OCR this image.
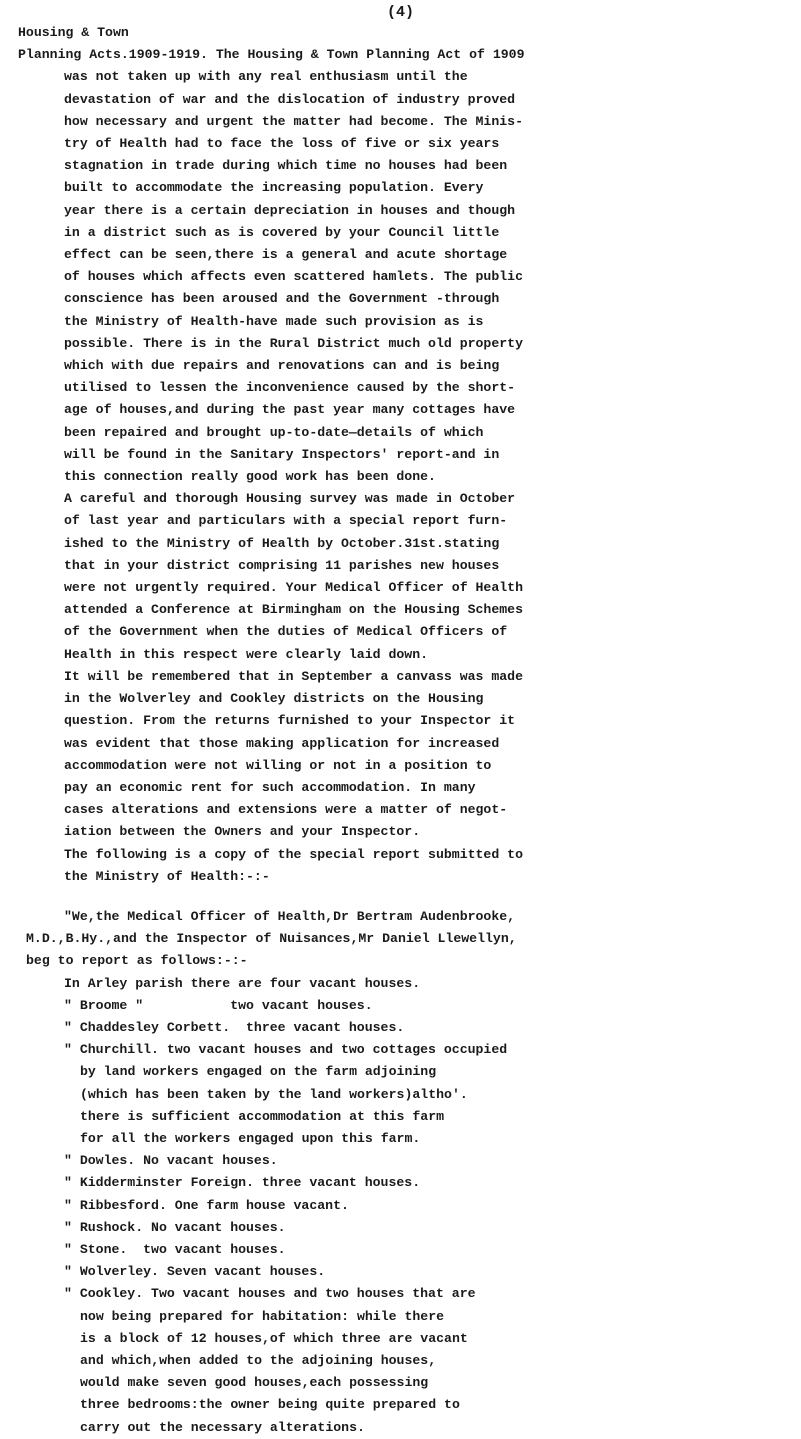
(4)
Housing & Town
Planning Acts.1909-1919. The Housing & Town Planning Act of 1909
was not taken up with any real enthusiasm until the
devastation of war and the dislocation of industry proved
how necessary and urgent the matter had become. The Minis-
try of Health had to face the loss of five or six years
stagnation in trade during which time no houses had been
built to accommodate the increasing population. Every
year there is a certain depreciation in houses and though
in a district such as is covered by your Council little
effect can be seen,there is a general and acute shortage
of houses which affects even scattered hamlets. The public
conscience has been aroused and the Government -through
the Ministry of Health-have made such provision as is
possible. There is in the Rural District much old property
which with due repairs and renovations can and is being
utilised to lessen the inconvenience caused by the short-
age of houses,and during the past year many cottages have
been repaired and brought up-to-date—details of which
will be found in the Sanitary Inspectors' report-and in
this connection really good work has been done.
A careful and thorough Housing survey was made in October
of last year and particulars with a special report furn-
ished to the Ministry of Health by October.31st.stating
that in your district comprising 11 parishes new houses
were not urgently required. Your Medical Officer of Health
attended a Conference at Birmingham on the Housing Schemes
of the Government when the duties of Medical Officers of
Health in this respect were clearly laid down.
It will be remembered that in September a canvass was made
in the Wolverley and Cookley districts on the Housing
question. From the returns furnished to your Inspector it
was evident that those making application for increased
accommodation were not willing or not in a position to
pay an economic rent for such accommodation. In many
cases alterations and extensions were a matter of negot-
iation between the Owners and your Inspector.
The following is a copy of the special report submitted to
the Ministry of Health:-:-
"We,the Medical Officer of Health,Dr Bertram Audenbrooke,
M.D.,B.Hy.,and the Inspector of Nuisances,Mr Daniel Llewellyn,
beg to report as follows:-:-
In Arley parish there are four vacant houses.
" Broome "           two vacant houses.
" Chaddesley Corbett.  three vacant houses.
" Churchill. two vacant houses and two cottages occupied
by land workers engaged on the farm adjoining
(which has been taken by the land workers)altho'.
there is sufficient accommodation at this farm
for all the workers engaged upon this farm.
" Dowles. No vacant houses.
" Kidderminster Foreign. three vacant houses.
" Ribbesford. One farm house vacant.
" Rushock. No vacant houses.
" Stone.  two vacant houses.
" Wolverley. Seven vacant houses.
" Cookley. Two vacant houses and two houses that are
now being prepared for habitation: while there
is a block of 12 houses,of which three are vacant
and which,when added to the adjoining houses,
would make seven good houses,each possessing
three bedrooms:the owner being quite prepared to
carry out the necessary alterations.
